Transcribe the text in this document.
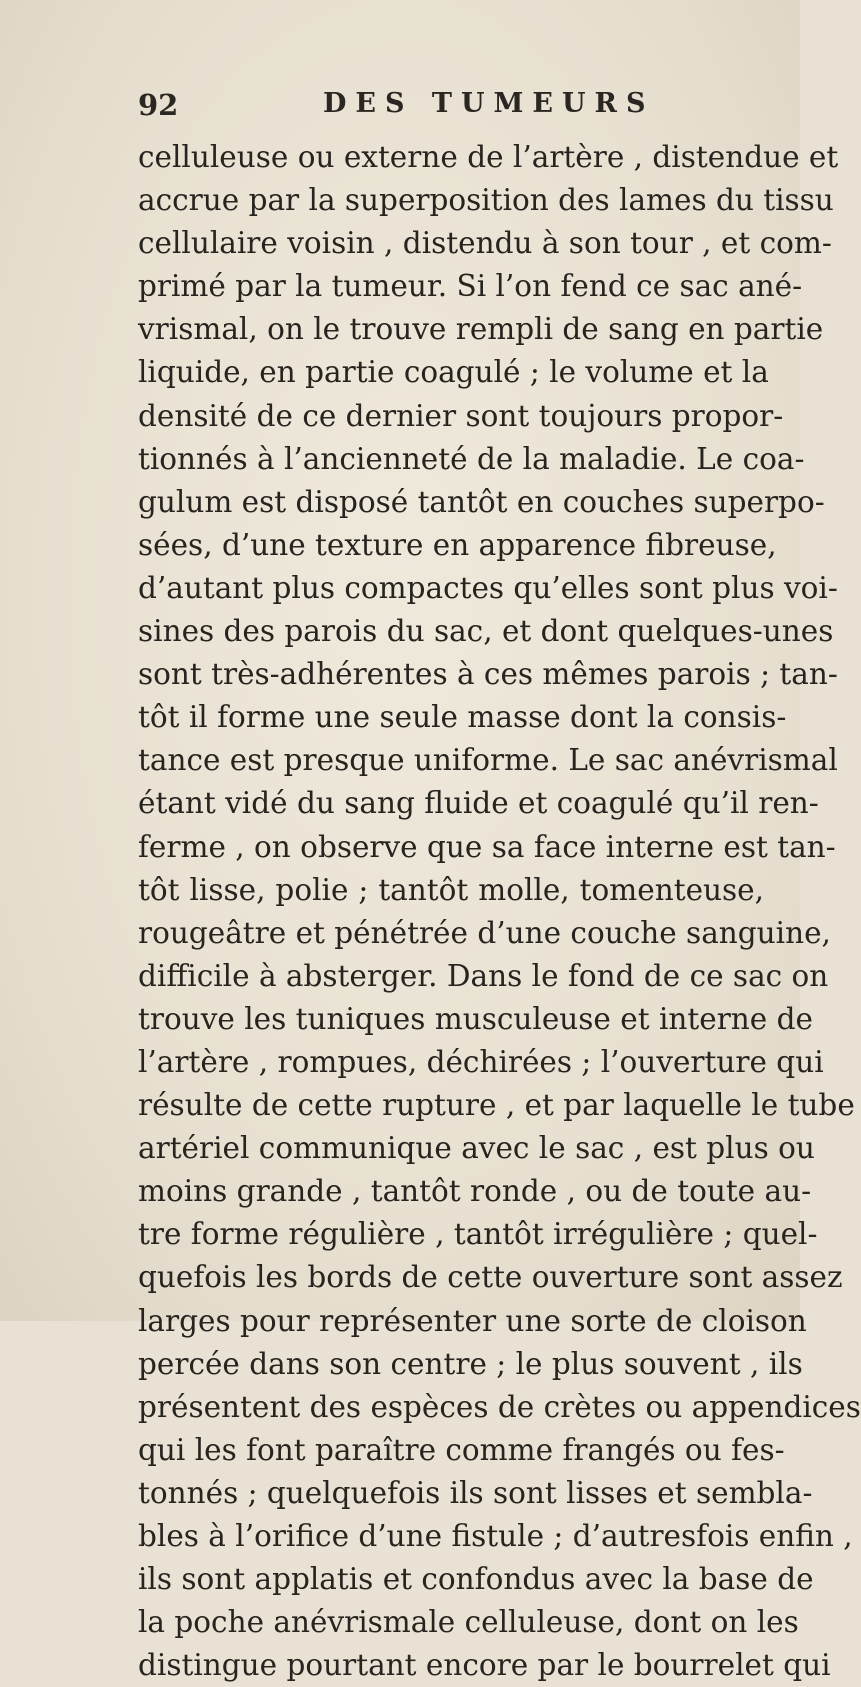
92	DES TUMEURS
celluleuse ou externe de l’artère , distendue et
accrue par la superposition des lames du tissu
cellulaire voisin , distendu à son tour , et com-
primé par la tumeur. Si l’on fend ce sac ané-
vrismal, on le trouve rempli de sang en partie
liquide, en partie coagulé ; le volume et la
densité de ce dernier sont toujours propor-
tionnés à l’ancienneté de la maladie. Le coa-
gulum est disposé tantôt en couches superpo-
sées, d’une texture en apparence fibreuse,
d’autant plus compactes qu’elles sont plus voi-
sines des parois du sac, et dont quelques-unes
sont très-adhérentes à ces mêmes parois ; tan-
tôt il forme une seule masse dont la consis-
tance est presque uniforme. Le sac anévrismal
étant vidé du sang fluide et coagulé qu’il ren-
ferme , on observe que sa face interne est tan-
tôt lisse, polie ; tantôt molle, tomenteuse,
rougeâtre et pénétrée d’une couche sanguine,
difficile à absterger. Dans le fond de ce sac on
trouve les tuniques musculeuse et interne de
l’artère , rompues, déchirées ; l’ouverture qui
résulte de cette rupture , et par laquelle le tube
artériel communique avec le sac , est plus ou
moins grande , tantôt ronde , ou de toute au-
tre forme régulière , tantôt irrégulière ; quel-
quefois les bords de cette ouverture sont assez
larges pour représenter une sorte de cloison
percée dans son centre ; le plus souvent , ils
présentent des espèces de crètes ou appendices
qui les font paraître comme frangés ou fes-
tonnés ; quelquefois ils sont lisses et sembla-
bles à l’orifice d’une fistule ; d’autresfois enfin ,
ils sont applatis et confondus avec la base de
la poche anévrismale celluleuse, dont on les
distingue pourtant encore par le bourrelet qui
